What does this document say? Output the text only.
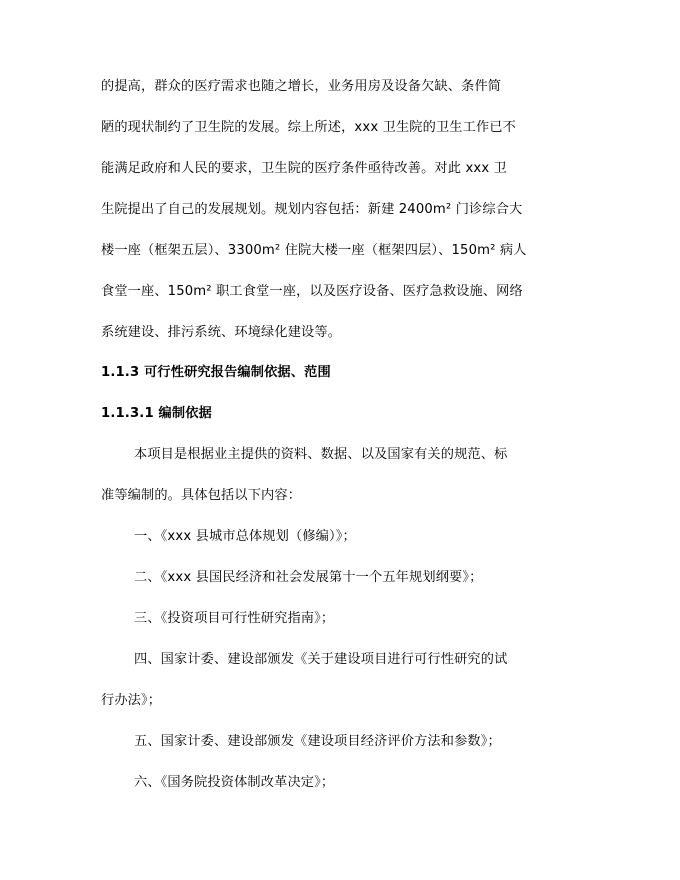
的提高，群众的医疗需求也随之增长，业务用房及设备欠缺、条件简
陋的现状制约了卫生院的发展。综上所述，xxx 卫生院的卫生工作已不
能满足政府和人民的要求，卫生院的医疗条件亟待改善。对此 xxx 卫
生院提出了自己的发展规划。规划内容包括：新建 2400m² 门诊综合大
楼一座（框架五层）、3300m² 住院大楼一座（框架四层）、150m² 病人
食堂一座、150m² 职工食堂一座，以及医疗设备、医疗急救设施、网络
系统建设、排污系统、环境绿化建设等。
1.1.3 可行性研究报告编制依据、范围
1.1.3.1 编制依据
本项目是根据业主提供的资料、数据、以及国家有关的规范、标
准等编制的。具体包括以下内容：
一、《xxx 县城市总体规划（修编）》；
二、《xxx 县国民经济和社会发展第十一个五年规划纲要》；
三、《投资项目可行性研究指南》；
四、国家计委、建设部颁发《关于建设项目进行可行性研究的试
行办法》；
五、国家计委、建设部颁发《建设项目经济评价方法和参数》；
六、《国务院投资体制改革决定》；
